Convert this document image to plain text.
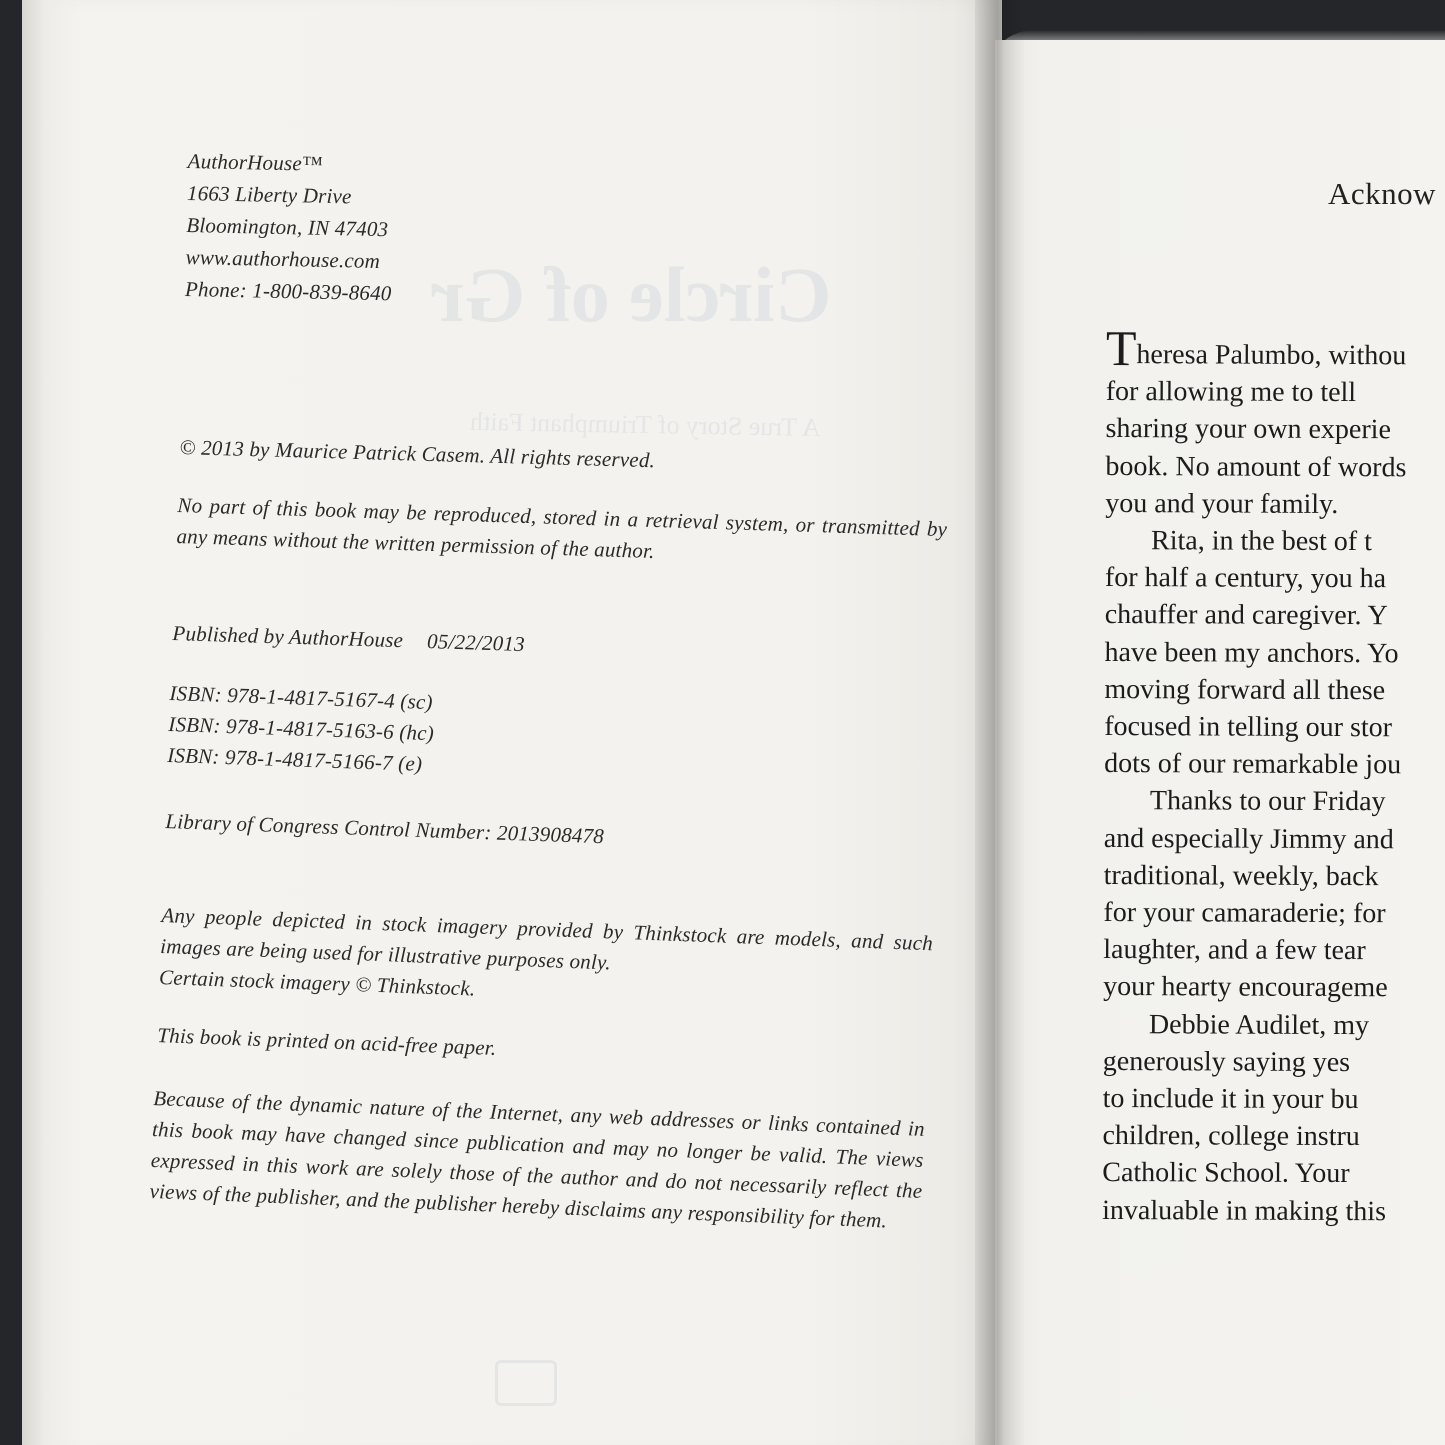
Circle of Gr
A True Story of Triumphant Faith
AuthorHouse™
1663 Liberty Drive
Bloomington, IN 47403
www.authorhouse.com
Phone: 1-800-839-8640
© 2013 by Maurice Patrick Casem. All rights reserved.
No part of this book may be reproduced, stored in a retrieval system, or transmitted by any means without the written permission of the author.
Published by AuthorHouse 05/22/2013
ISBN: 978-1-4817-5167-4 (sc)
ISBN: 978-1-4817-5163-6 (hc)
ISBN: 978-1-4817-5166-7 (e)
Library of Congress Control Number: 2013908478
Any people depicted in stock imagery provided by Thinkstock are models, and such images are being used for illustrative purposes only.
Certain stock imagery © Thinkstock.
This book is printed on acid-free paper.
Because of the dynamic nature of the Internet, any web addresses or links contained in this book may have changed since publication and may no longer be valid. The views expressed in this work are solely those of the author and do not necessarily reflect the views of the publisher, and the publisher hereby disclaims any responsibility for them.
Acknow
Theresa Palumbo, withou
for allowing me to tell
sharing your own experie
book. No amount of words
you and your family.
Rita, in the best of t
for half a century, you ha
chauffer and caregiver. Y
have been my anchors. Yo
moving forward all these
focused in telling our stor
dots of our remarkable jou
Thanks to our Friday
and especially Jimmy and
traditional, weekly, back
for your camaraderie; for
laughter, and a few tear
your hearty encourageme
Debbie Audilet, my
generously saying yes
to include it in your bu
children, college instru
Catholic School. Your
invaluable in making this
